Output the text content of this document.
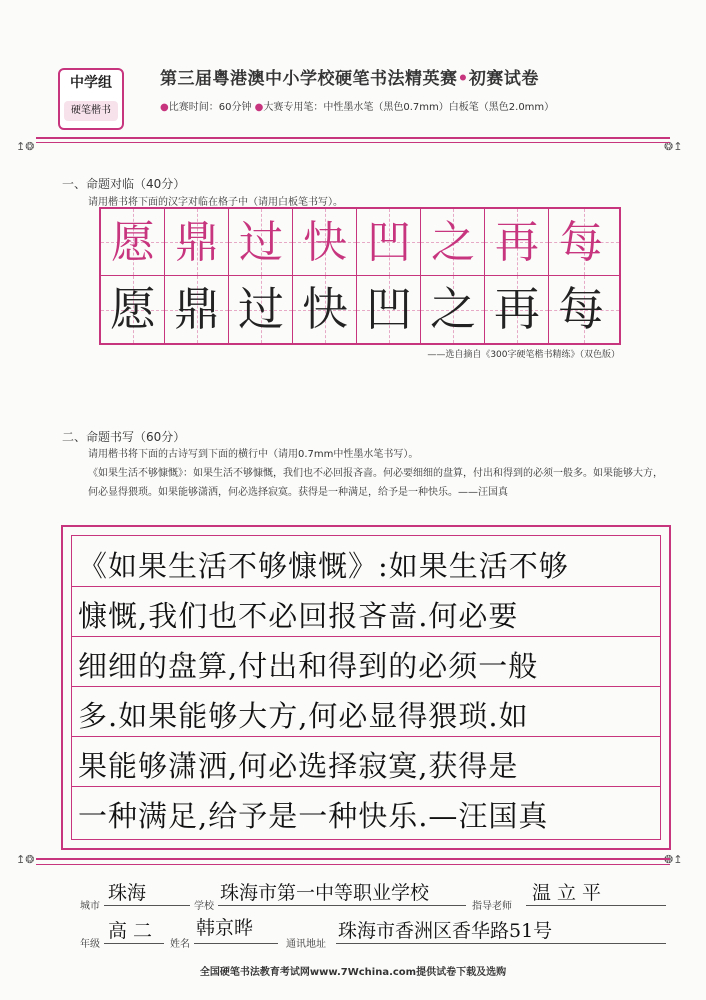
中学组
硬笔楷书
第三届粤港澳中小学校硬笔书法精英赛•初赛试卷
●比赛时间：60分钟 ●大赛专用笔：中性墨水笔（黑色0.7mm）白板笔（黑色2.0mm）
↥❂	❂↥
一、命题对临（40分）
请用楷书将下面的汉字对临在格子中（请用白板笔书写）。
愿 鼎 过 快 凹 之 再 每
愿 鼎 过 快 凹 之 再 每
——选自摘自《300字硬笔楷书精练》（双色版）
二、命题书写（60分）
请用楷书将下面的古诗写到下面的横行中（请用0.7mm中性墨水笔书写）。
《如果生活不够慷慨》：如果生活不够慷慨，我们也不必回报吝啬。何必要细细的盘算，付出和得到的必须一般多。如果能够大方，何必显得猥琐。如果能够潇洒，何必选择寂寞。获得是一种满足，给予是一种快乐。——汪国真
《如果生活不够慷慨》:如果生活不够
慷慨,我们也不必回报吝啬.何必要
细细的盘算,付出和得到的必须一般
多.如果能够大方,何必显得猥琐.如
果能够潇洒,何必选择寂寞,获得是
一种满足,给予是一种快乐.—汪国真
↥❂	❂↥
城市
珠海
学校
珠海市第一中等职业学校
指导老师
温立平
年级
高二
姓名
韩京晔
通讯地址
珠海市香洲区香华路51号
全国硬笔书法教育考试网www.7Wchina.com提供试卷下载及选购
